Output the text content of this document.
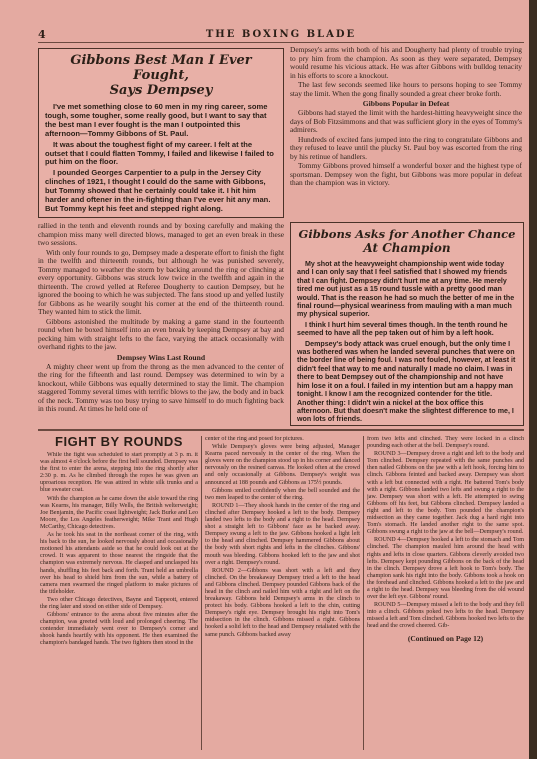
4	THE BOXING BLADE

Gibbons Best Man I Ever Fought,

Says Dempsey

I've met something close to 60 men in my ring career, some tough, some tougher, some really good, but I want to say that the best man I ever fought is the man I outpointed this afternoon—Tommy Gibbons of St. Paul.

It was about the toughest fight of my career. I felt at the outset that I could flatten Tommy, I failed and likewise I failed to put him on the floor.

I pounded Georges Carpentier to a pulp in the Jersey City clinches of 1921, I thought I could do the same with Gibbons, but Tommy showed that he certainly could take it. I hit him harder and oftener in the in-fighting than I've ever hit any man. But Tommy kept his feet and stepped right along.

Dempsey's arms with both of his and Dougherty had plenty of trouble trying to pry him from the champion. As soon as they were separated, Dempsey would resume his vicious attack. He was after Gibbons with bulldog tenacity in his efforts to score a knockout.

The last few seconds seemed like hours to persons hoping to see Tommy stay the limit. When the gong finally sounded a great cheer broke forth.

Gibbons Popular in Defeat

Gibbons had stayed the limit with the hardest-hitting heavyweight since the days of Bob Fitzsimmons and that was sufficient glory in the eyes of Tommy's admirers.

Hundreds of excited fans jumped into the ring to congratulate Gibbons and they refused to leave until the plucky St. Paul boy was escorted from the ring by his retinue of handlers.

Tommy Gibbons proved himself a wonderful boxer and the highest type of sportsman. Dempsey won the fight, but Gibbons was more popular in defeat than the champion was in victory.

rallied in the tenth and eleventh rounds and by boxing carefully and making the champion miss many well directed blows, managed to get an even break in these two sessions.

With only four rounds to go, Dempsey made a desperate effort to finish the fight in the twelfth and thirteenth rounds, but although he was punished severely, Tommy managed to weather the storm by backing around the ring or clinching at every opportunity. Gibbons was struck low twice in the twelfth and again in the thirteenth. The crowd yelled at Referee Dougherty to caution Dempsey, but he ignored the booing to which he was subjected. The fans stood up and yelled lustily for Gibbons as he wearily sought his corner at the end of the thirteenth round. They wanted him to stick the limit.

Gibbons astonished the multitude by making a game stand in the fourteenth round when he boxed himself into an even break by keeping Dempsey at bay and pecking him with straight lefts to the face, varying the attack occasionally with overhand rights to the jaw.

Dempsey Wins Last Round

A mighty cheer went up from the throng as the men advanced to the center of the ring for the fifteenth and last round. Dempsey was determined to win by a knockout, while Gibbons was equally determined to stay the limit. The champion staggered Tommy several times with terrific blows to the jaw, the body and in back of the neck. Tommy was too busy trying to save himself to do much fighting back in this round. At times he held one of

Gibbons Asks for Another Chance

At Champion

My shot at the heavyweight championship went wide today and I can only say that I feel satisfied that I showed my friends that I can fight. Dempsey didn't hurt me at any time. He merely tired me out just as a 15 round tussle with a pretty good man would. That is the reason he had so much the better of me in the final round—physical weariness from mauling with a man much my physical superior.

I think I hurt him several times though. In the tenth round he seemed to have all the pep taken out of him by a left hook.

Dempsey's body attack was cruel enough, but the only time I was bothered was when he landed several punches that were on the border line of being foul. I was not fouled, however, at least it didn't feel that way to me and naturally I made no claim. I was in there to beat Dempsey out of the championship and not have him lose it on a foul. I failed in my intention but am a happy man tonight. I know I am the recognized contender for the title. Another thing: I didn't win a nickel at the box office this afternoon. But that doesn't make the slightest difference to me, I won lots of friends.

FIGHT BY ROUNDS

While the fight was scheduled to start promptly at 3 p. m. it was almost 4 o'clock before the first bell sounded. Dempsey was the first to enter the arena, stepping into the ring shortly after 2:30 p. m. As he climbed through the ropes he was given an uproarious reception. He was attired in white silk trunks and a blue sweater coat.

With the champion as he came down the aisle toward the ring was Kearns, his manager, Billy Wells, the British welterweight; Joe Benjamin, the Pacific coast lightweight; Jack Burke and Leo Moore, the Los Angeles featherweight; Mike Trant and Hugh McCarthy, Chicago detectives.

As he took his seat in the northeast corner of the ring, with his back to the sun, he looked nervously about and occasionally motioned his attendants aside so that he could look out at the crowd. It was apparent to those nearest the ringside that the champion was extremely nervous. He clasped and unclasped his hands, shuffling his feet back and forth. Trant held an umbrella over his head to shield him from the sun, while a battery of camera men swarmed the ringed platform to make pictures of the titleholder.

Two other Chicago detectives, Bayne and Tappeott, entered the ring later and stood on either side of Dempsey.

Gibbons' entrance to the arena about five minutes after the champion, was greeted with loud and prolonged cheering. The contender immediately went over to Dempsey's corner and shook hands heartily with his opponent. He then examined the champion's bandaged hands. The two fighters then stood in the

center of the ring and posed for pictures.

While Dempsey's gloves were being adjusted, Manager Kearns paced nervously in the center of the ring. When the gloves were on the champion stood up in his corner and danced nervously on the resined canvas. He looked often at the crowd and only occasionally at Gibbons. Dempsey's weight was announced at 188 pounds and Gibbons as 175½ pounds.

Gibbons smiled confidently when the bell sounded and the two men leaped to the center of the ring.

ROUND 1—They shook hands in the center of the ring and clinched after Dempsey hooked a left to the body. Dempsey landed two lefts to the body and a right to the head. Dempsey shot a straight left to Gibbons' face as he backed away. Dempsey swung a left to the jaw. Gibbons hooked a light left to the head and clinched. Dempsey hammered Gibbons about the body with short rights and lefts in the clinches. Gibbons' mouth was bleeding. Gibbons hooked left to the jaw and shot over a right. Dempsey's round.

ROUND 2—Gibbons was short with a left and they clinched. On the breakaway Dempsey tried a left to the head and Gibbons clinched. Dempsey pounded Gibbons back of the head in the clinch and nailed him with a right and left on the breakaway. Gibbons held Dempsey's arms in the clinch to protect his body. Gibbons hooked a left to the chin, cutting Dempsey's right eye. Dempsey brought his right into Tom's midsection in the clinch. Gibbons missed a right. Gibbons hooked a solid left to the head and Dempsey retaliated with the same punch. Gibbons backed away

from two lefts and clinched. They were locked in a clinch pounding each other at the bell. Dempsey's round.

ROUND 3—Dempsey drove a right and left to the body and Tom clinched. Dempsey repeated with the same punches and then nailed Gibbons on the jaw with a left hook, forcing him to clinch. Gibbons feinted and backed away. Dempsey was short with a left but connected with a right. He battered Tom's body with a right. Gibbons landed two lefts and swung a right to the jaw. Dempsey was short with a left. He attempted to swing Gibbons off his feet, but Gibbons clinched. Dempsey landed a right and left to the body. Tom pounded the champion's midsection as they came together. Jack dug a hard right into Tom's stomach. He landed another right to the same spot. Gibbons swung a right to the jaw at the bell—Dempsey's round.

ROUND 4—Dempsey hooked a left to the stomach and Tom clinched. The champion mauled him around the head with rights and lefts in close quarters. Gibbons cleverly avoided two lefts. Dempsey kept pounding Gibbons on the back of the head in the clinch. Dempsey drove a left hook to Tom's body. The champion sank his right into the body. Gibbons took a hook on the forehead and clinched. Gibbons hooked a left to the jaw and a right to the head. Dempsey was bleeding from the old wound over the left eye. Gibbons' round.

ROUND 5—Dempsey missed a left to the body and they fell into a clinch. Gibbons poked two lefts to the head. Dempsey missed a left and Tom clinched. Gibbons hooked two lefts to the head and the crowd cheered. Gib-

(Continued on Page 12)
